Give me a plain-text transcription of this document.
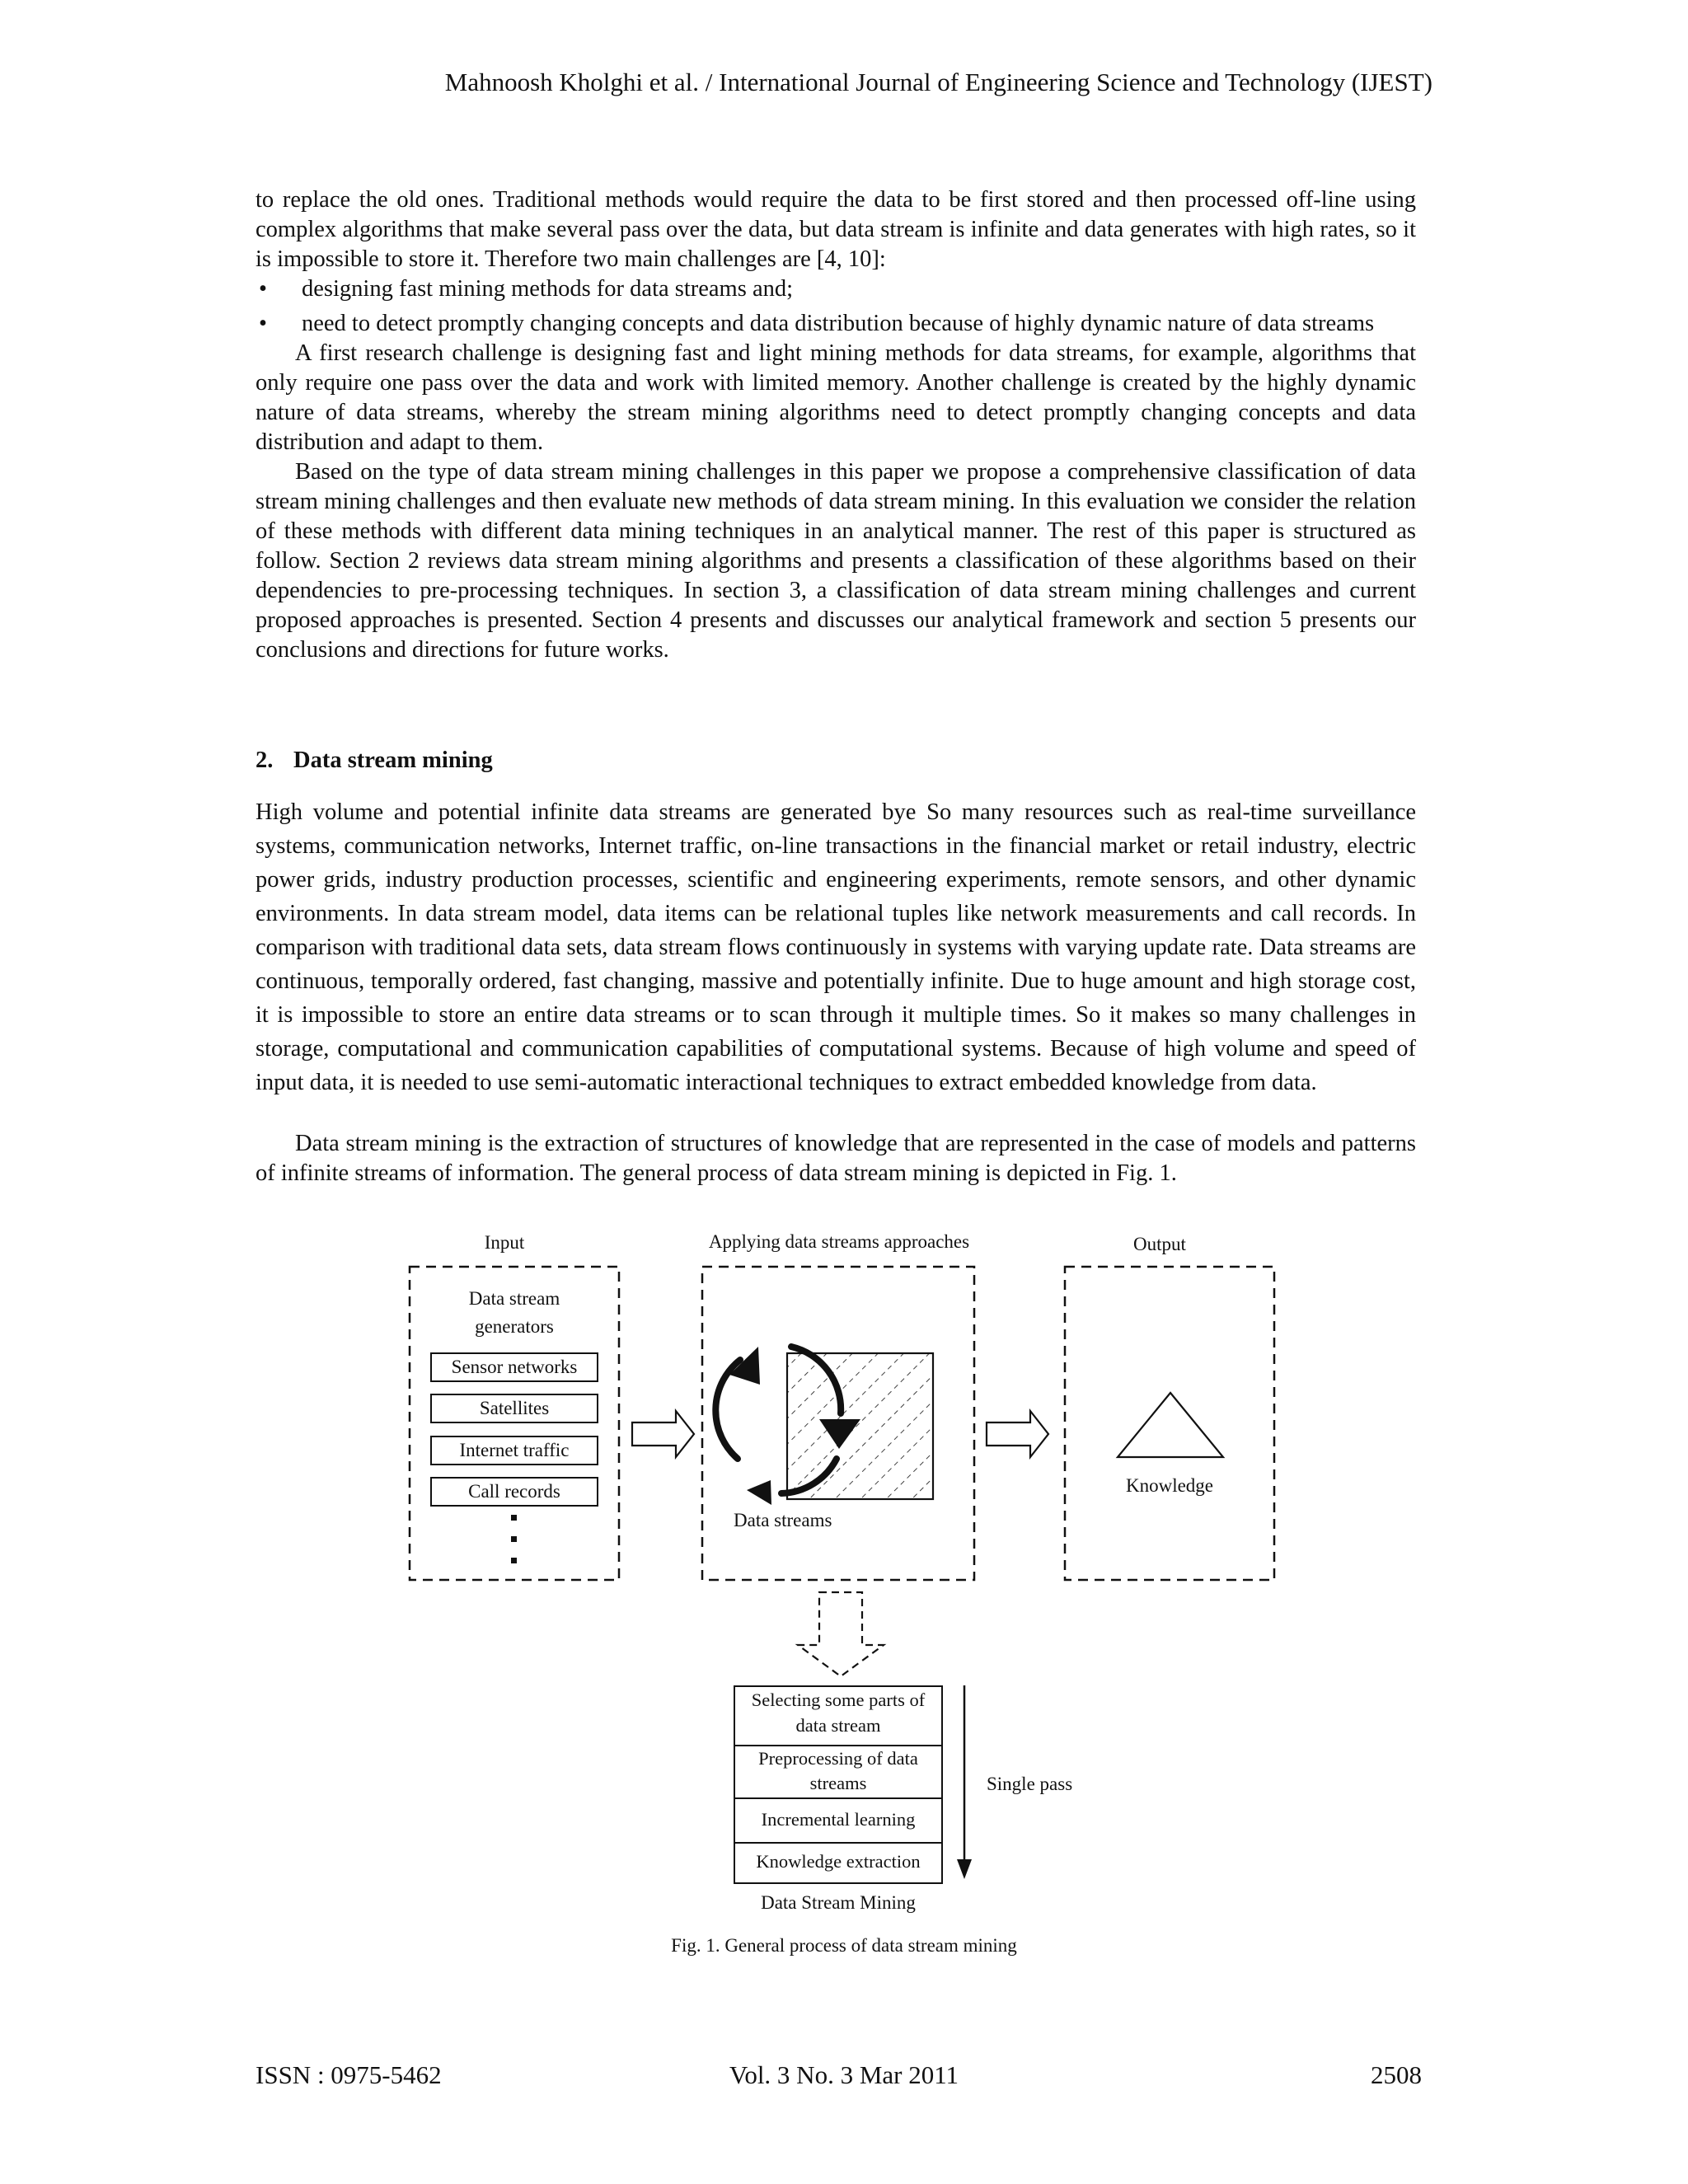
Mahnoosh Kholghi et al. / International Journal of Engineering Science and Technology (IJEST)

to replace the old ones. Traditional methods would require the data to be first stored and then processed off-line using complex algorithms that make several pass over the data, but data stream is infinite and data generates with high rates, so it is impossible to store it. Therefore two main challenges are [4, 10]:

• designing fast mining methods for data streams and;
• need to detect promptly changing concepts and data distribution because of highly dynamic nature of data streams

A first research challenge is designing fast and light mining methods for data streams, for example, algorithms that only require one pass over the data and work with limited memory. Another challenge is created by the highly dynamic nature of data streams, whereby the stream mining algorithms need to detect promptly changing concepts and data distribution and adapt to them.

Based on the type of data stream mining challenges in this paper we propose a comprehensive classification of data stream mining challenges and then evaluate new methods of data stream mining. In this evaluation we consider the relation of these methods with different data mining techniques in an analytical manner. The rest of this paper is structured as follow. Section 2 reviews data stream mining algorithms and presents a classification of these algorithms based on their dependencies to pre-processing techniques. In section 3, a classification of data stream mining challenges and current proposed approaches is presented. Section 4 presents and discusses our analytical framework and section 5 presents our conclusions and directions for future works.

2. Data stream mining

High volume and potential infinite data streams are generated bye So many resources such as real-time surveillance systems, communication networks, Internet traffic, on-line transactions in the financial market or retail industry, electric power grids, industry production processes, scientific and engineering experiments, remote sensors, and other dynamic environments. In data stream model, data items can be relational tuples like network measurements and call records. In comparison with traditional data sets, data stream flows continuously in systems with varying update rate. Data streams are continuous, temporally ordered, fast changing, massive and potentially infinite. Due to huge amount and high storage cost, it is impossible to store an entire data streams or to scan through it multiple times. So it makes so many challenges in storage, computational and communication capabilities of computational systems. Because of high volume and speed of input data, it is needed to use semi-automatic interactional techniques to extract embedded knowledge from data.

Data stream mining is the extraction of structures of knowledge that are represented in the case of models and patterns of infinite streams of information. The general process of data stream mining is depicted in Fig. 1.

Input
Data stream
generators
Sensor networks
Satellites
Internet traffic
Call records
Applying data streams approaches
Data streams
Output
Knowledge
Selecting some parts of
data stream
Preprocessing of data
streams
Incremental learning
Knowledge extraction
Single pass
Data Stream Mining
Fig. 1. General process of data stream mining
ISSN : 0975-5462	Vol. 3 No. 3 Mar 2011	2508
